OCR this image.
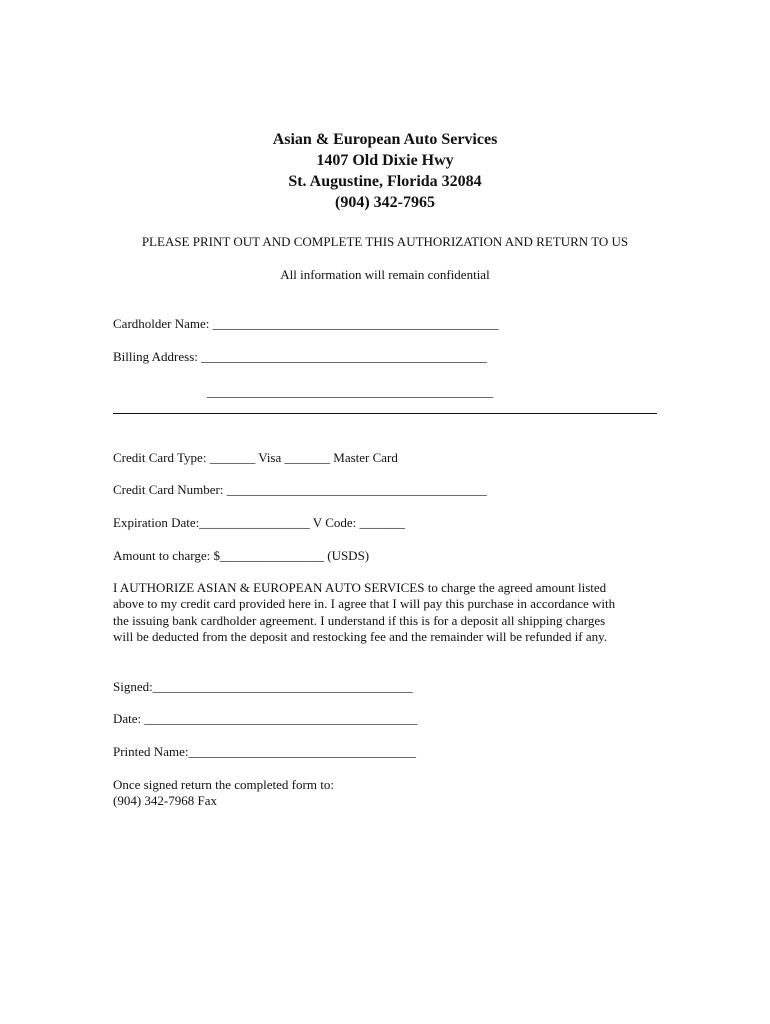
Asian & European Auto Services
1407 Old Dixie Hwy
St. Augustine, Florida 32084
(904) 342-7965
PLEASE PRINT OUT AND COMPLETE THIS AUTHORIZATION AND RETURN TO US
All information will remain confidential
Cardholder Name: ____________________________________________
Billing Address: ____________________________________________
____________________________________________
Credit Card Type: _______ Visa _______ Master Card
Credit Card Number: ________________________________________
Expiration Date:_________________ V Code: _______
Amount to charge: $________________ (USDS)
I AUTHORIZE ASIAN & EUROPEAN AUTO SERVICES to charge the agreed amount listed
above to my credit card provided here in. I agree that I will pay this purchase in accordance with
the issuing bank cardholder agreement. I understand if this is for a deposit all shipping charges
will be deducted from the deposit and restocking fee and the remainder will be refunded if any.
Signed:________________________________________
Date: __________________________________________
Printed Name:___________________________________
Once signed return the completed form to:
(904) 342-7968 Fax
